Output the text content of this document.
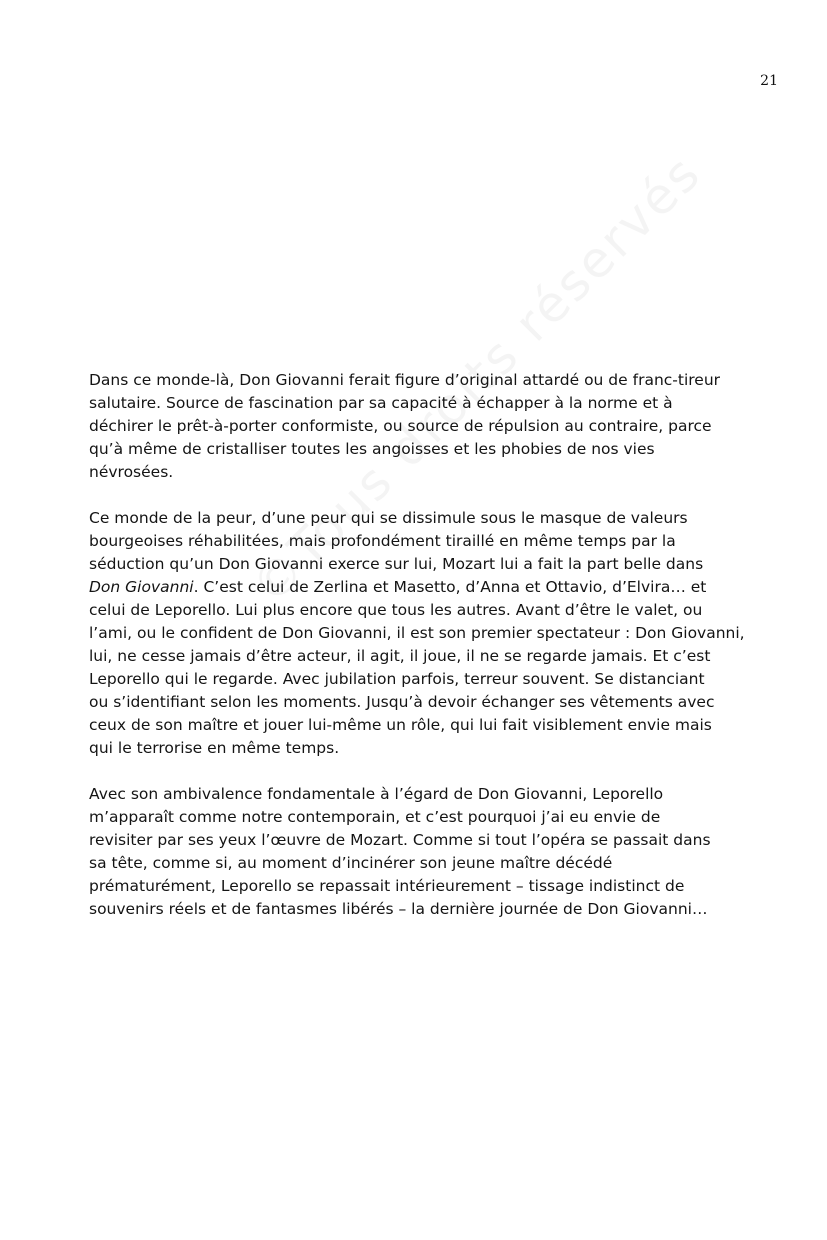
21

Dans ce monde-là, Don Giovanni ferait figure d’original attardé ou de franc-tireur
salutaire. Source de fascination par sa capacité à échapper à la norme et à
déchirer le prêt-à-porter conformiste, ou source de répulsion au contraire, parce
qu’à même de cristalliser toutes les angoisses et les phobies de nos vies
névrosées.

Ce monde de la peur, d’une peur qui se dissimule sous le masque de valeurs
bourgeoises réhabilitées, mais profondément tiraillé en même temps par la
séduction qu’un Don Giovanni exerce sur lui, Mozart lui a fait la part belle dans
Don Giovanni. C’est celui de Zerlina et Masetto, d’Anna et Ottavio, d’Elvira… et
celui de Leporello. Lui plus encore que tous les autres. Avant d’être le valet, ou
l’ami, ou le confident de Don Giovanni, il est son premier spectateur : Don Giovanni,
lui, ne cesse jamais d’être acteur, il agit, il joue, il ne se regarde jamais. Et c’est
Leporello qui le regarde. Avec jubilation parfois, terreur souvent. Se distanciant
ou s’identifiant selon les moments. Jusqu’à devoir échanger ses vêtements avec
ceux de son maître et jouer lui-même un rôle, qui lui fait visiblement envie mais
qui le terrorise en même temps.

Avec son ambivalence fondamentale à l’égard de Don Giovanni, Leporello
m’apparaît comme notre contemporain, et c’est pourquoi j’ai eu envie de
revisiter par ses yeux l’œuvre de Mozart. Comme si tout l’opéra se passait dans
sa tête, comme si, au moment d’incinérer son jeune maître décédé
prématurément, Leporello se repassait intérieurement – tissage indistinct de
souvenirs réels et de fantasmes libérés – la dernière journée de Don Giovanni…
